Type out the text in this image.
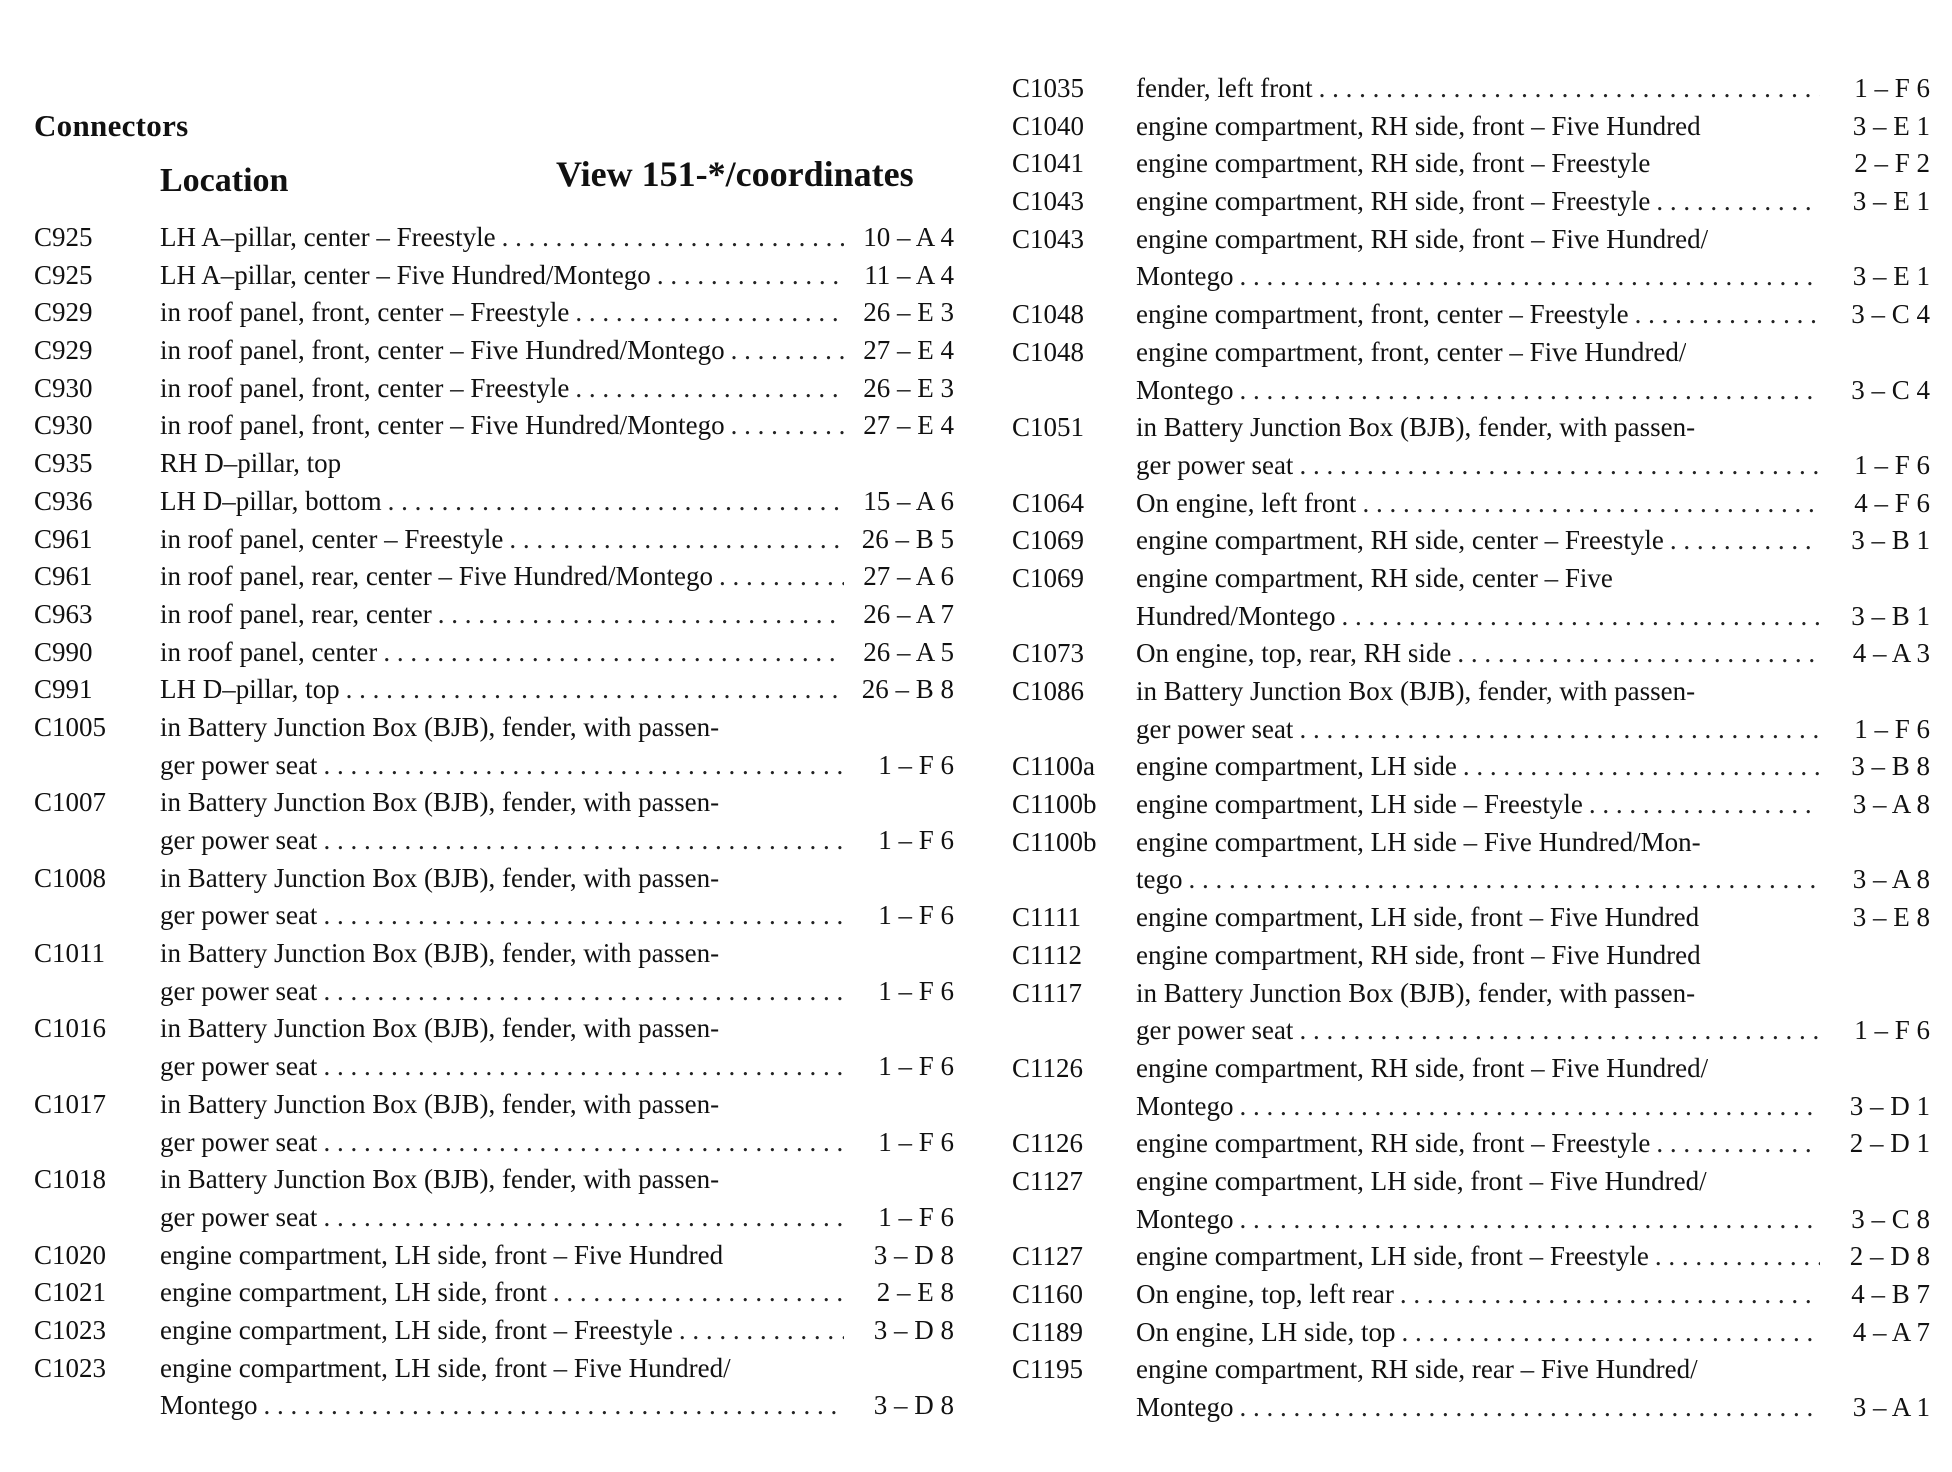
Connectors
Location	View 151-*/coordinates
C925	LH A–pillar, center – Freestyle . . .	10 – A 4
C925	LH A–pillar, center – Five Hundred/Montego . . .	11 – A 4
C929	in roof panel, front, center – Freestyle . . .	26 – E 3
C929	in roof panel, front, center – Five Hundred/Montego . . .	27 – E 4
C930	in roof panel, front, center – Freestyle . . .	26 – E 3
C930	in roof panel, front, center – Five Hundred/Montego . . .	27 – E 4
C935	RH D–pillar, top
C936	LH D–pillar, bottom . . .	15 – A 6
C961	in roof panel, center – Freestyle . . .	26 – B 5
C961	in roof panel, rear, center – Five Hundred/Montego . . .	27 – A 6
C963	in roof panel, rear, center . . .	26 – A 7
C990	in roof panel, center . . .	26 – A 5
C991	LH D–pillar, top . . .	26 – B 8
C1005	in Battery Junction Box (BJB), fender, with passen-
ger power seat . . .	1 – F 6
C1007	in Battery Junction Box (BJB), fender, with passen-
ger power seat . . .	1 – F 6
C1008	in Battery Junction Box (BJB), fender, with passen-
ger power seat . . .	1 – F 6
C1011	in Battery Junction Box (BJB), fender, with passen-
ger power seat . . .	1 – F 6
C1016	in Battery Junction Box (BJB), fender, with passen-
ger power seat . . .	1 – F 6
C1017	in Battery Junction Box (BJB), fender, with passen-
ger power seat . . .	1 – F 6
C1018	in Battery Junction Box (BJB), fender, with passen-
ger power seat . . .	1 – F 6
C1020	engine compartment, LH side, front – Five Hundred	3 – D 8
C1021	engine compartment, LH side, front . . .	2 – E 8
C1023	engine compartment, LH side, front – Freestyle . . .	3 – D 8
C1023	engine compartment, LH side, front – Five Hundred/
Montego . . .	3 – D 8
C1035	fender, left front . . .	1 – F 6
C1040	engine compartment, RH side, front – Five Hundred	3 – E 1
C1041	engine compartment, RH side, front – Freestyle	2 – F 2
C1043	engine compartment, RH side, front – Freestyle . . .	3 – E 1
C1043	engine compartment, RH side, front – Five Hundred/
Montego . . .	3 – E 1
C1048	engine compartment, front, center – Freestyle . . .	3 – C 4
C1048	engine compartment, front, center – Five Hundred/
Montego . . .	3 – C 4
C1051	in Battery Junction Box (BJB), fender, with passen-
ger power seat . . .	1 – F 6
C1064	On engine, left front . . .	4 – F 6
C1069	engine compartment, RH side, center – Freestyle . . .	3 – B 1
C1069	engine compartment, RH side, center – Five
Hundred/Montego . . .	3 – B 1
C1073	On engine, top, rear, RH side . . .	4 – A 3
C1086	in Battery Junction Box (BJB), fender, with passen-
ger power seat . . .	1 – F 6
C1100a	engine compartment, LH side . . .	3 – B 8
C1100b	engine compartment, LH side – Freestyle . . .	3 – A 8
C1100b	engine compartment, LH side – Five Hundred/Mon-
tego . . .	3 – A 8
C1111	engine compartment, LH side, front – Five Hundred	3 – E 8
C1112	engine compartment, RH side, front – Five Hundred
C1117	in Battery Junction Box (BJB), fender, with passen-
ger power seat . . .	1 – F 6
C1126	engine compartment, RH side, front – Five Hundred/
Montego . . .	3 – D 1
C1126	engine compartment, RH side, front – Freestyle . . .	2 – D 1
C1127	engine compartment, LH side, front – Five Hundred/
Montego . . .	3 – C 8
C1127	engine compartment, LH side, front – Freestyle . . .	2 – D 8
C1160	On engine, top, left rear . . .	4 – B 7
C1189	On engine, LH side, top . . .	4 – A 7
C1195	engine compartment, RH side, rear – Five Hundred/
Montego . . .	3 – A 1
